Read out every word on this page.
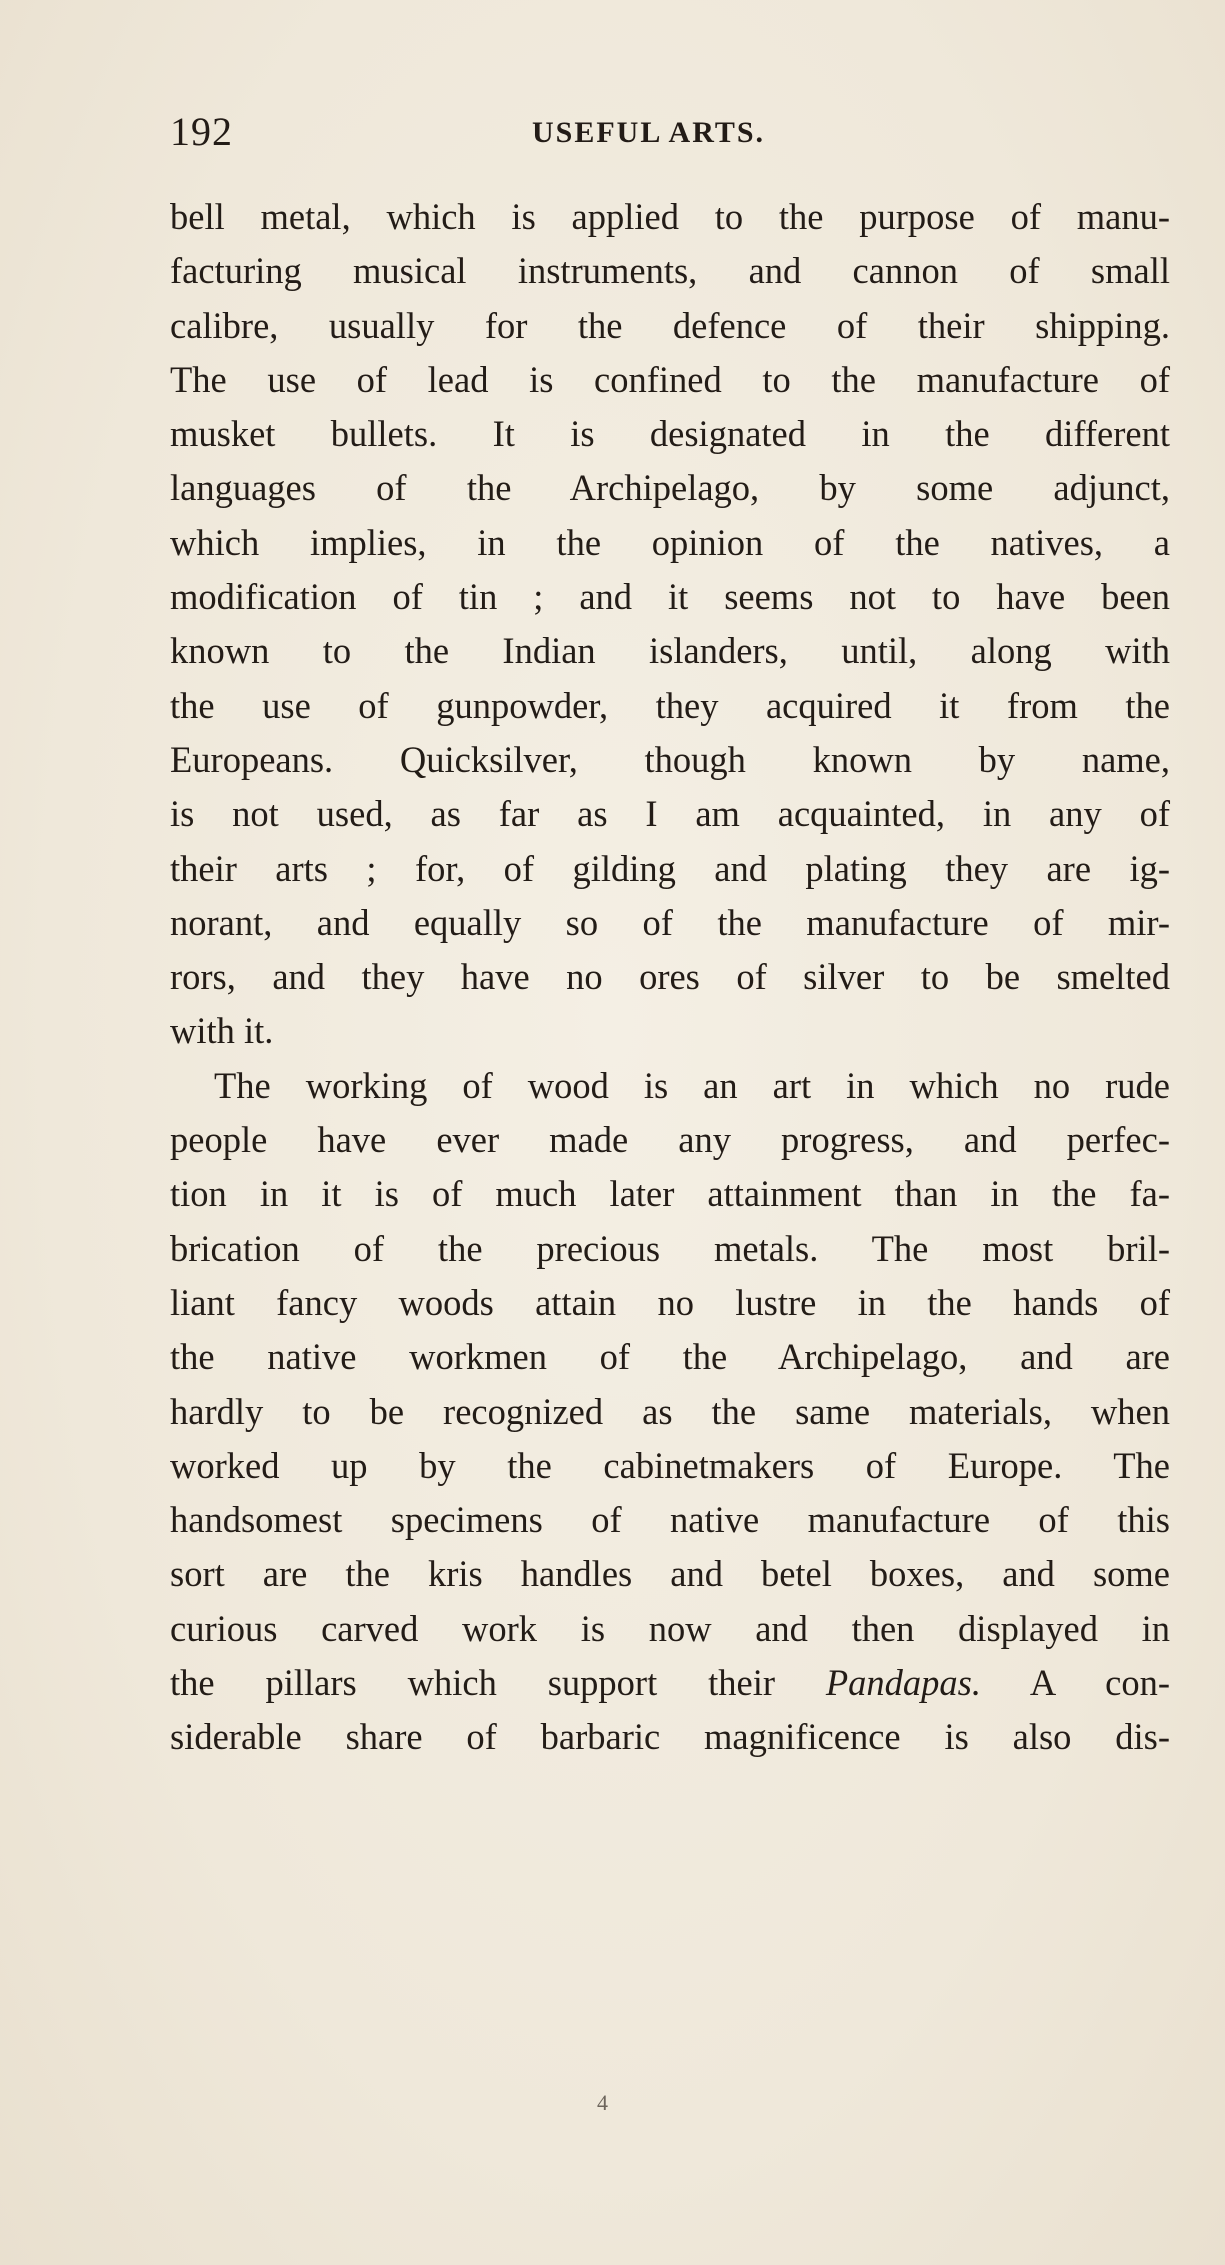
192	USEFUL ARTS.
bell metal, which is applied to the purpose of manu-
facturing musical instruments, and cannon of small
calibre, usually for the defence of their shipping.
The use of lead is confined to the manufacture of
musket bullets. It is designated in the different
languages of the Archipelago, by some adjunct,
which implies, in the opinion of the natives, a
modification of tin ; and it seems not to have been
known to the Indian islanders, until, along with
the use of gunpowder, they acquired it from the
Europeans. Quicksilver, though known by name,
is not used, as far as I am acquainted, in any of
their arts ; for, of gilding and plating they are ig-
norant, and equally so of the manufacture of mir-
rors, and they have no ores of silver to be smelted
with it.
The working of wood is an art in which no rude
people have ever made any progress, and perfec-
tion in it is of much later attainment than in the fa-
brication of the precious metals. The most bril-
liant fancy woods attain no lustre in the hands of
the native workmen of the Archipelago, and are
hardly to be recognized as the same materials, when
worked up by the cabinetmakers of Europe. The
handsomest specimens of native manufacture of this
sort are the kris handles and betel boxes, and some
curious carved work is now and then displayed in
the pillars which support their Pandapas. A con-
siderable share of barbaric magnificence is also dis-
4
